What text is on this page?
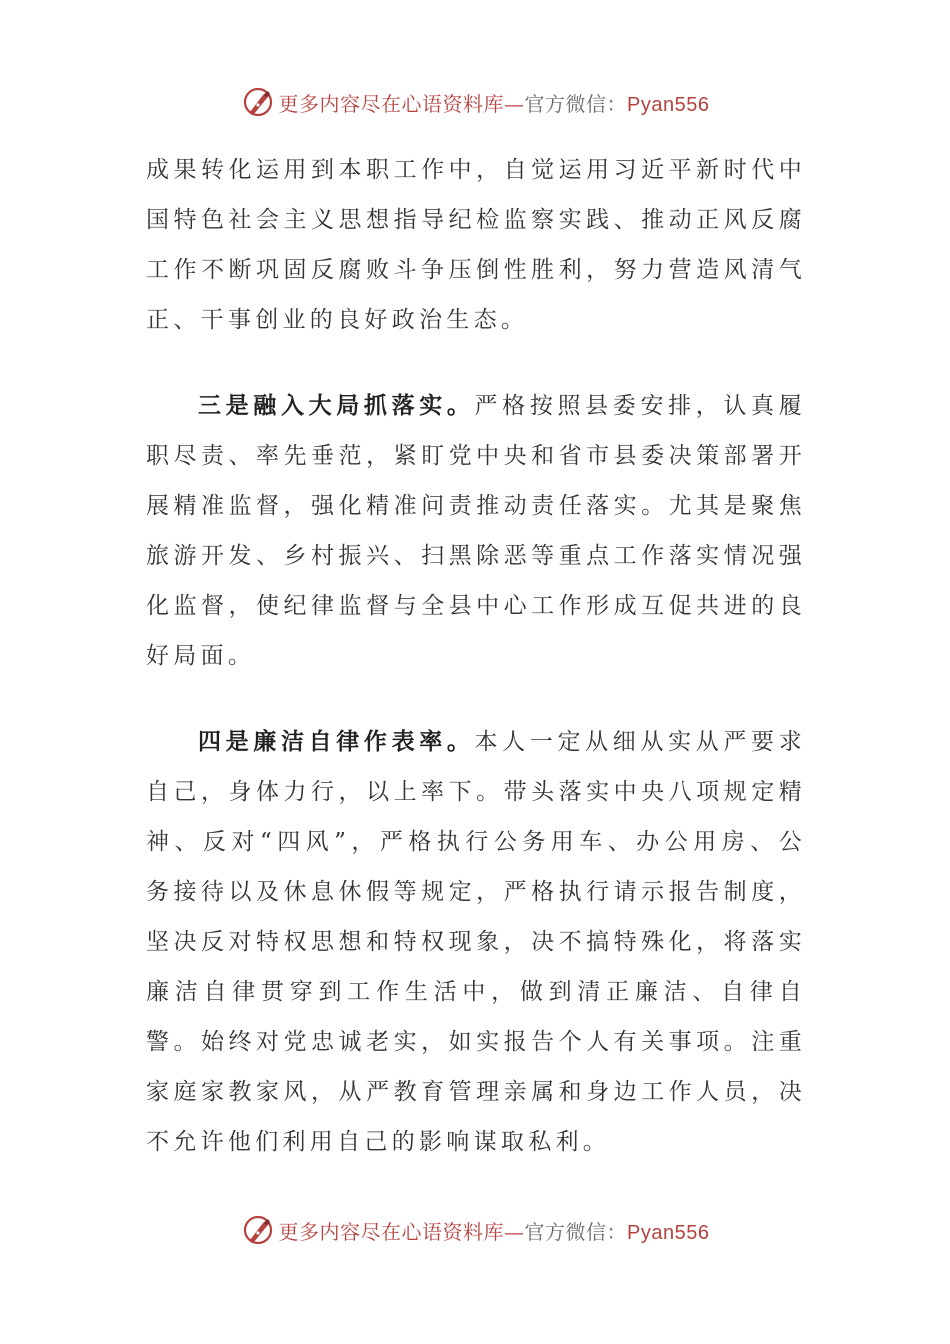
更多内容尽在心语资料库—官方微信：Pyan556

成果转化运用到本职工作中，自觉运用习近平新时代中国特色社会主义思想指导纪检监察实践、推动正风反腐工作不断巩固反腐败斗争压倒性胜利，努力营造风清气正、干事创业的良好政治生态。

三是融入大局抓落实。严格按照县委安排，认真履职尽责、率先垂范，紧盯党中央和省市县委决策部署开展精准监督，强化精准问责推动责任落实。尤其是聚焦旅游开发、乡村振兴、扫黑除恶等重点工作落实情况强化监督，使纪律监督与全县中心工作形成互促共进的良好局面。

四是廉洁自律作表率。本人一定从细从实从严要求自己，身体力行，以上率下。带头落实中央八项规定精神、反对“四风”，严格执行公务用车、办公用房、公务接待以及休息休假等规定，严格执行请示报告制度，坚决反对特权思想和特权现象，决不搞特殊化，将落实廉洁自律贯穿到工作生活中，做到清正廉洁、自律自警。始终对党忠诚老实，如实报告个人有关事项。注重家庭家教家风，从严教育管理亲属和身边工作人员，决不允许他们利用自己的影响谋取私利。

更多内容尽在心语资料库—官方微信：Pyan556
